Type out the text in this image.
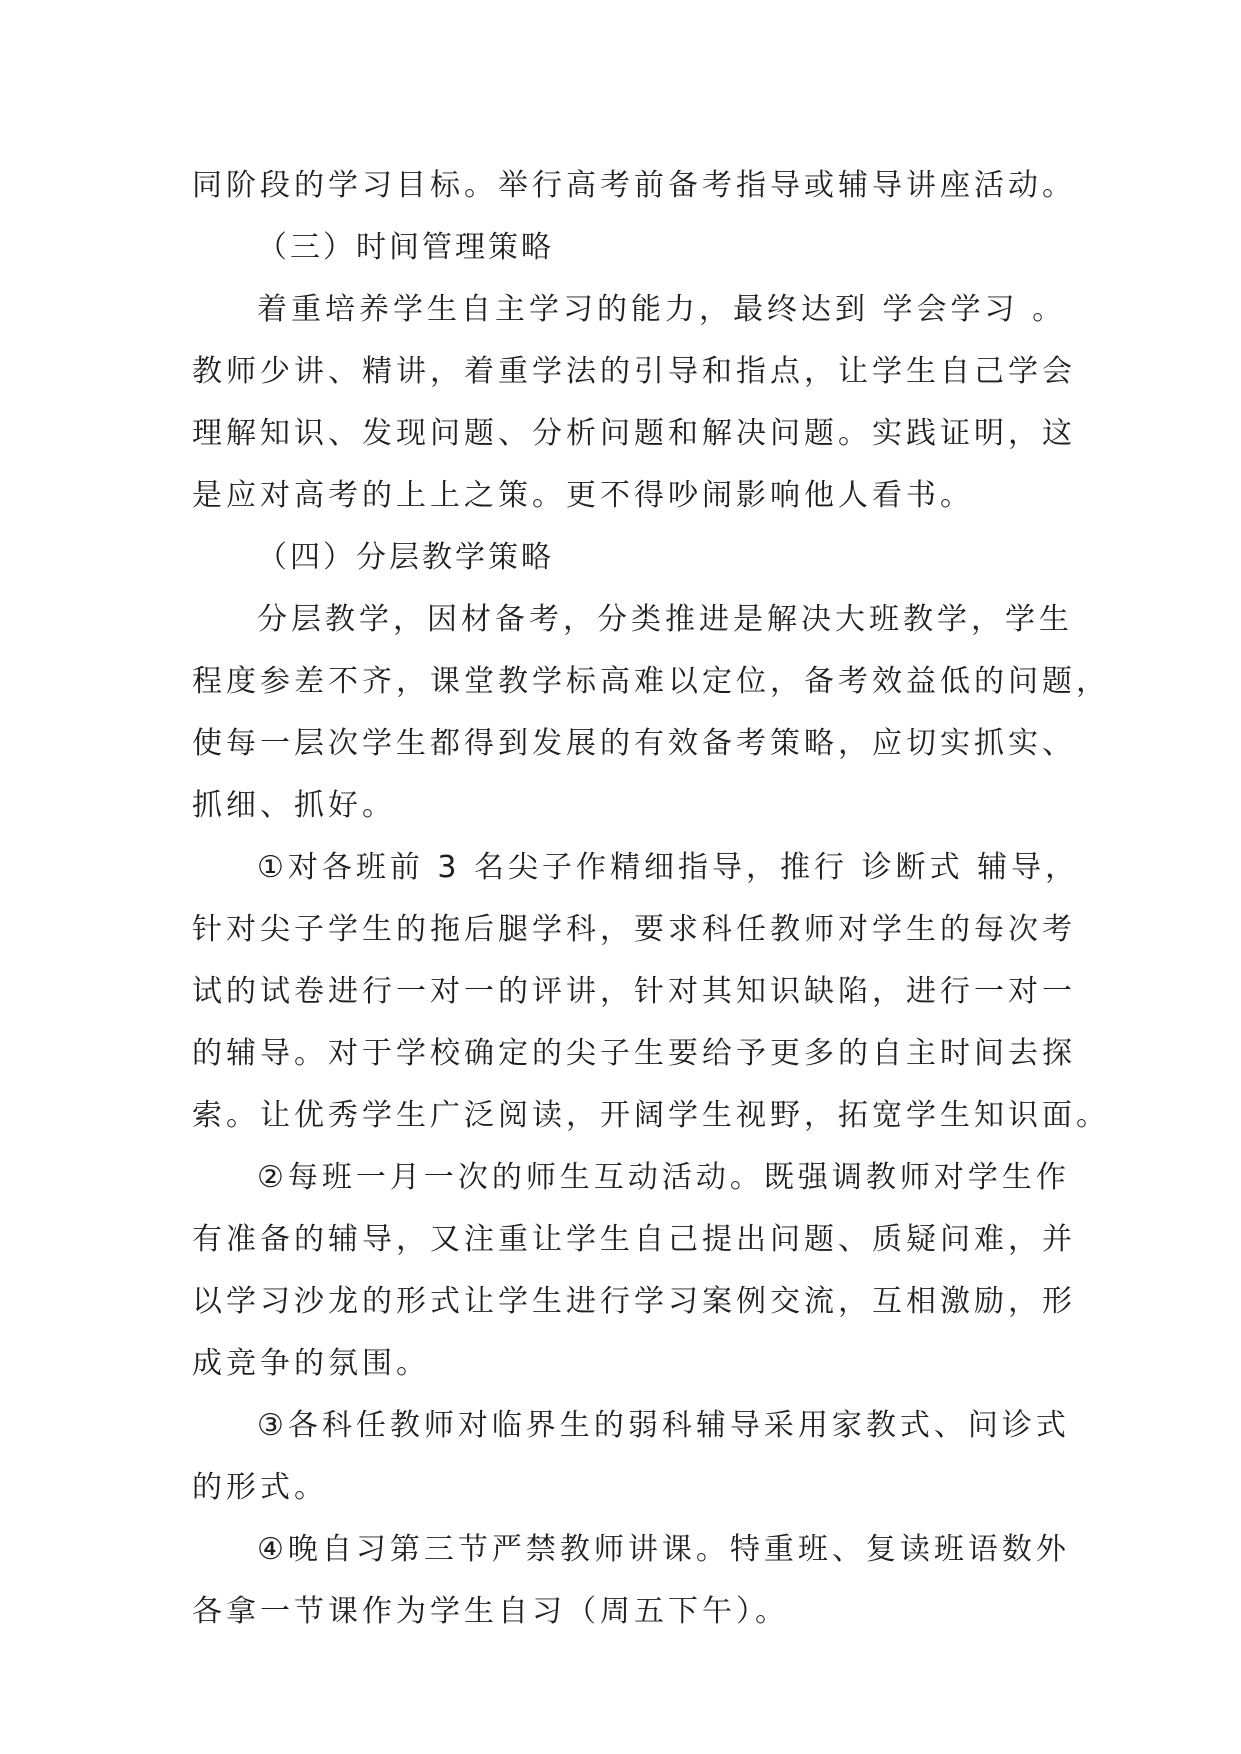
同阶段的学习目标。举行高考前备考指导或辅导讲座活动。
（三）时间管理策略
着重培养学生自主学习的能力，最终达到 学会学习 。
教师少讲、精讲，着重学法的引导和指点，让学生自己学会
理解知识、发现问题、分析问题和解决问题。实践证明，这
是应对高考的上上之策。更不得吵闹影响他人看书。
（四）分层教学策略
分层教学，因材备考，分类推进是解决大班教学，学生
程度参差不齐，课堂教学标高难以定位，备考效益低的问题，
使每一层次学生都得到发展的有效备考策略，应切实抓实、
抓细、抓好。
①对各班前 3 名尖子作精细指导，推行 诊断式 辅导，
针对尖子学生的拖后腿学科，要求科任教师对学生的每次考
试的试卷进行一对一的评讲，针对其知识缺陷，进行一对一
的辅导。对于学校确定的尖子生要给予更多的自主时间去探
索。让优秀学生广泛阅读，开阔学生视野，拓宽学生知识面。
②每班一月一次的师生互动活动。既强调教师对学生作
有准备的辅导，又注重让学生自己提出问题、质疑问难，并
以学习沙龙的形式让学生进行学习案例交流，互相激励，形
成竞争的氛围。
③各科任教师对临界生的弱科辅导采用家教式、问诊式
的形式。
④晚自习第三节严禁教师讲课。特重班、复读班语数外
各拿一节课作为学生自习（周五下午）。
